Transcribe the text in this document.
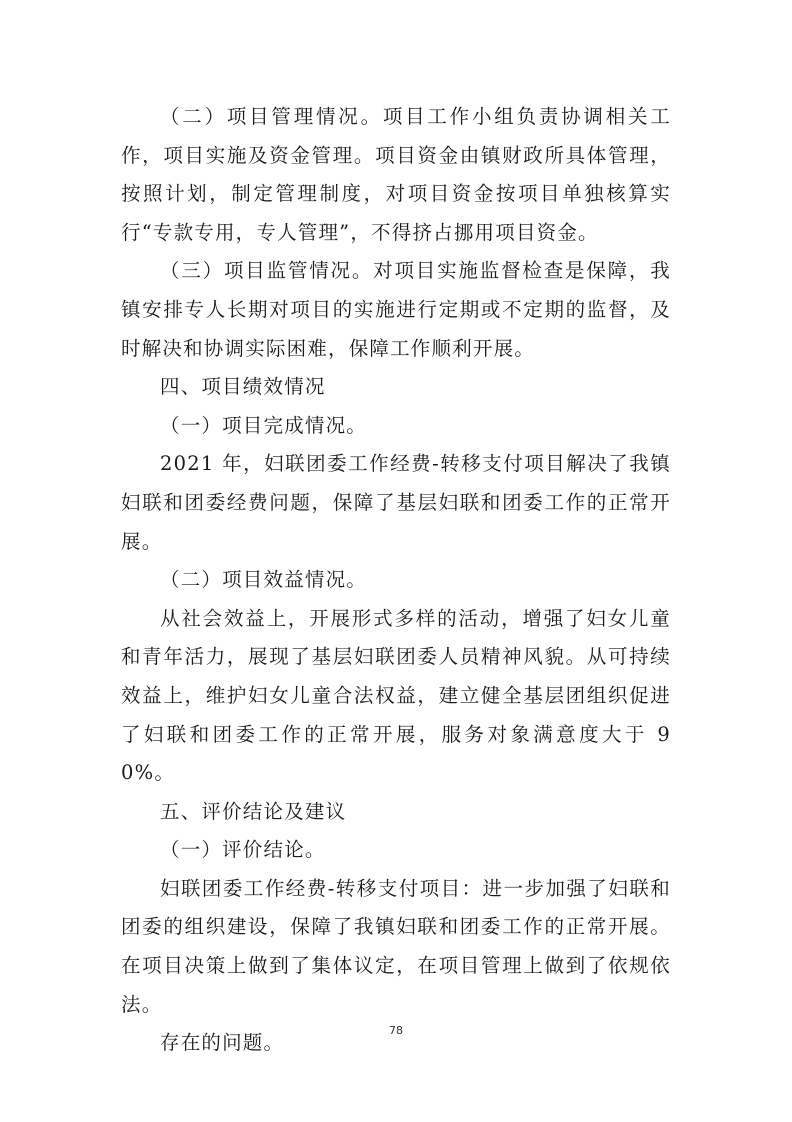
（二）项目管理情况。项目工作小组负责协调相关工作，项目实施及资金管理。项目资金由镇财政所具体管理，按照计划，制定管理制度，对项目资金按项目单独核算实行“专款专用，专人管理”，不得挤占挪用项目资金。

（三）项目监管情况。对项目实施监督检查是保障，我镇安排专人长期对项目的实施进行定期或不定期的监督，及时解决和协调实际困难，保障工作顺利开展。

四、项目绩效情况

（一）项目完成情况。

2021 年，妇联团委工作经费-转移支付项目解决了我镇妇联和团委经费问题，保障了基层妇联和团委工作的正常开展。

（二）项目效益情况。

从社会效益上，开展形式多样的活动，增强了妇女儿童和青年活力，展现了基层妇联团委人员精神风貌。从可持续效益上，维护妇女儿童合法权益，建立健全基层团组织促进了妇联和团委工作的正常开展，服务对象满意度大于 90%。

五、评价结论及建议

（一）评价结论。

妇联团委工作经费-转移支付项目：进一步加强了妇联和团委的组织建设，保障了我镇妇联和团委工作的正常开展。在项目决策上做到了集体议定，在项目管理上做到了依规依法。

存在的问题。

78
